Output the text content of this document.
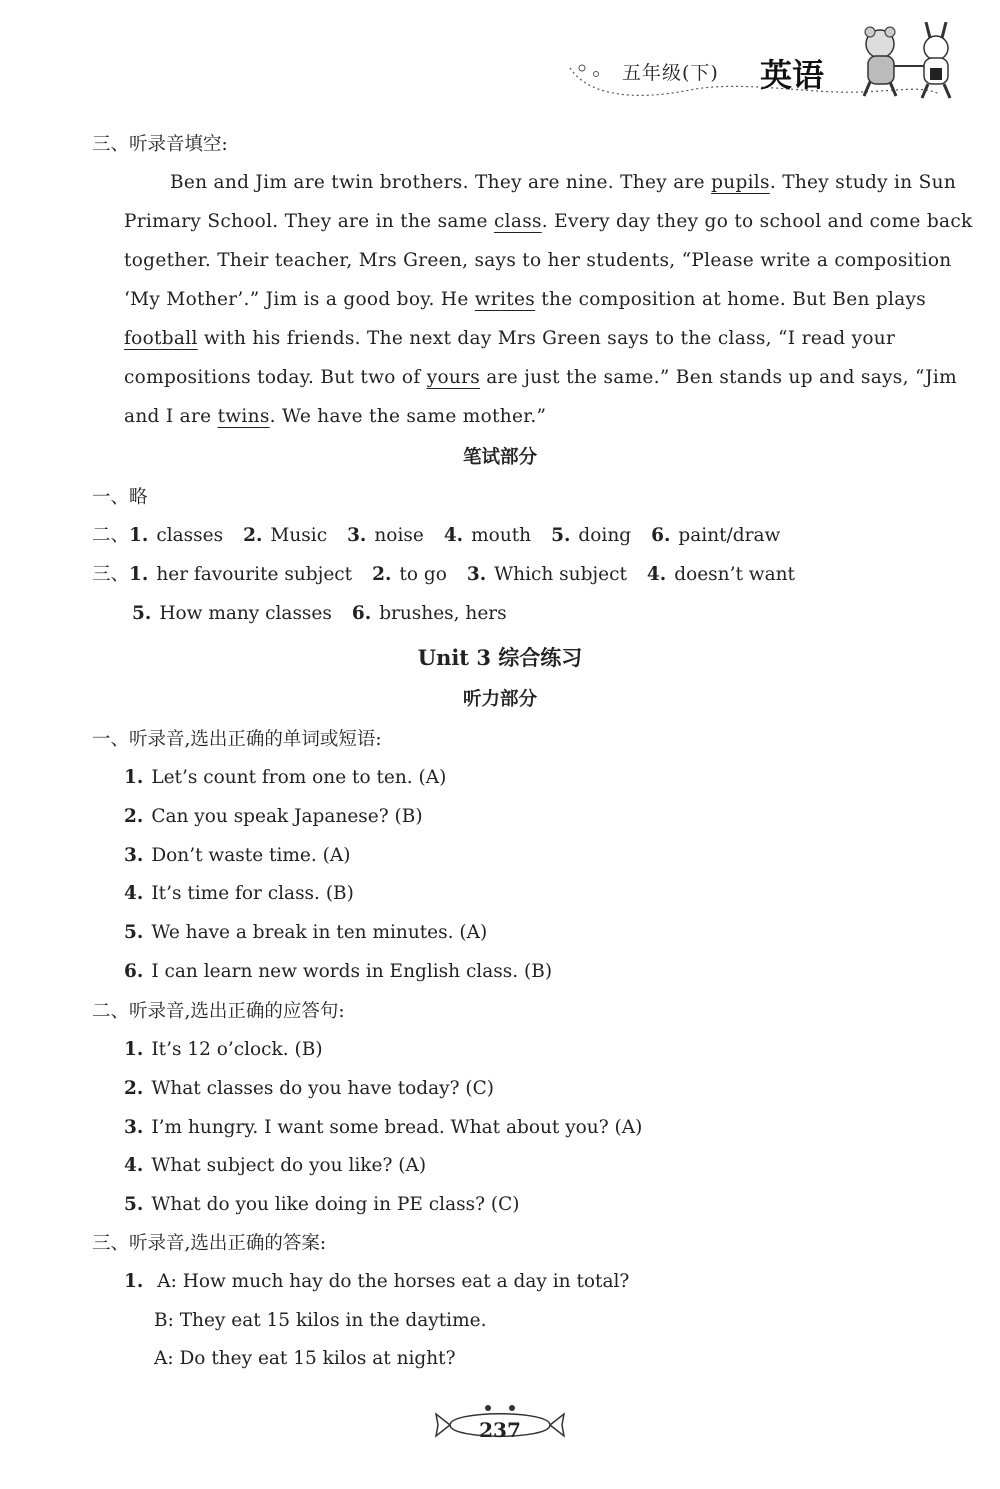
五年级(下) 英语
三、听录音填空:
Ben and Jim are twin brothers. They are nine. They are pupils. They study in Sun
Primary School. They are in the same class. Every day they go to school and come back
together. Their teacher, Mrs Green, says to her students, “Please write a composition
‘My Mother’.” Jim is a good boy. He writes the composition at home. But Ben plays
football with his friends. The next day Mrs Green says to the class, “I read your
compositions today. But two of yours are just the same.” Ben stands up and says, “Jim
and I are twins. We have the same mother.”
笔试部分
一、略
二、1. classes 2. Music 3. noise 4. mouth 5. doing 6. paint/draw
三、1. her favourite subject 2. to go 3. Which subject 4. doesn’t want
5. How many classes 6. brushes, hers
Unit 3 综合练习
听力部分
一、听录音,选出正确的单词或短语:
1. Let’s count from one to ten. (A)
2. Can you speak Japanese? (B)
3. Don’t waste time. (A)
4. It’s time for class. (B)
5. We have a break in ten minutes. (A)
6. I can learn new words in English class. (B)
二、听录音,选出正确的应答句:
1. It’s 12 o’clock. (B)
2. What classes do you have today? (C)
3. I’m hungry. I want some bread. What about you? (A)
4. What subject do you like? (A)
5. What do you like doing in PE class? (C)
三、听录音,选出正确的答案:
1. A: How much hay do the horses eat a day in total?
B: They eat 15 kilos in the daytime.
A: Do they eat 15 kilos at night?
237
